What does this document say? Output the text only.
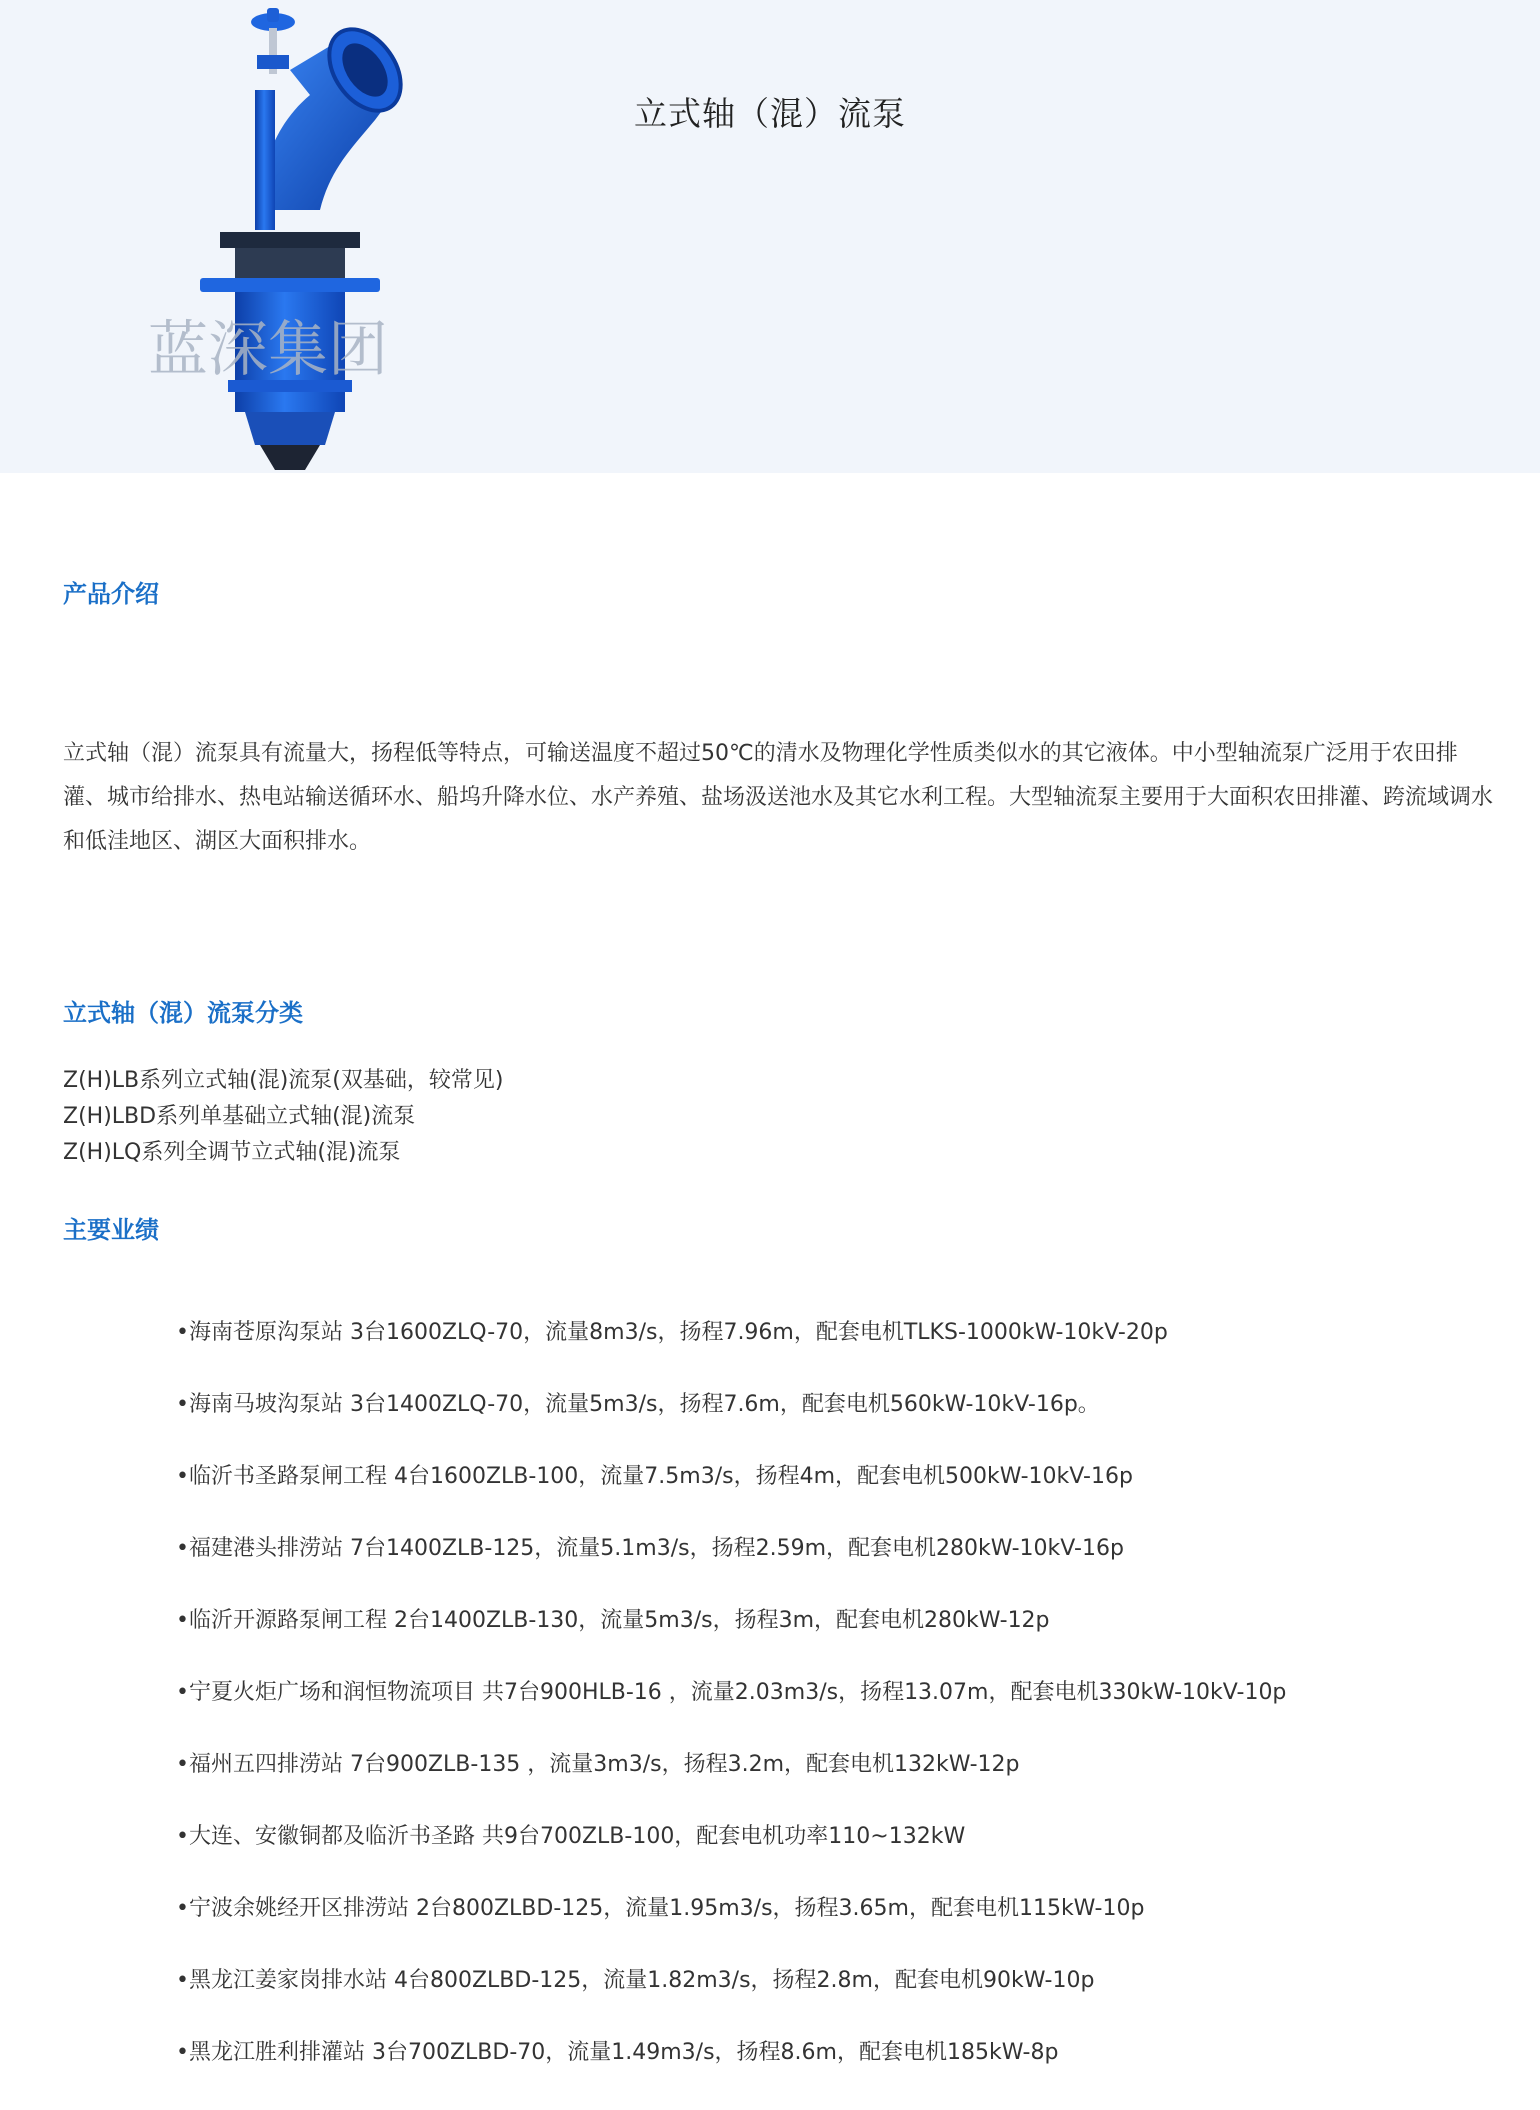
蓝深集团
立式轴（混）流泵
产品介绍
立式轴（混）流泵具有流量大，扬程低等特点，可输送温度不超过50℃的清水及物理化学性质类似水的其它液体。中小型轴流泵广泛用于农田排灌、城市给排水、热电站输送循环水、船坞升降水位、水产养殖、盐场汲送池水及其它水利工程。大型轴流泵主要用于大面积农田排灌、跨流域调水和低洼地区、湖区大面积排水。
立式轴（混）流泵分类
Z(H)LB系列立式轴(混)流泵(双基础，较常见)
Z(H)LBD系列单基础立式轴(混)流泵
Z(H)LQ系列全调节立式轴(混)流泵
主要业绩
•海南苍原沟泵站 3台1600ZLQ-70，流量8m3/s，扬程7.96m，配套电机TLKS-1000kW-10kV-20p
•海南马坡沟泵站 3台1400ZLQ-70，流量5m3/s，扬程7.6m，配套电机560kW-10kV-16p。
•临沂书圣路泵闸工程 4台1600ZLB-100，流量7.5m3/s，扬程4m，配套电机500kW-10kV-16p
•福建港头排涝站 7台1400ZLB-125，流量5.1m3/s，扬程2.59m，配套电机280kW-10kV-16p
•临沂开源路泵闸工程 2台1400ZLB-130，流量5m3/s，扬程3m，配套电机280kW-12p
•宁夏火炬广场和润恒物流项目 共7台900HLB-16 ，流量2.03m3/s，扬程13.07m，配套电机330kW-10kV-10p
•福州五四排涝站 7台900ZLB-135 ，流量3m3/s，扬程3.2m，配套电机132kW-12p
•大连、安徽铜都及临沂书圣路 共9台700ZLB-100，配套电机功率110~132kW
•宁波余姚经开区排涝站 2台800ZLBD-125，流量1.95m3/s，扬程3.65m，配套电机115kW-10p
•黑龙江姜家岗排水站 4台800ZLBD-125，流量1.82m3/s，扬程2.8m，配套电机90kW-10p
•黑龙江胜利排灌站 3台700ZLBD-70，流量1.49m3/s，扬程8.6m，配套电机185kW-8p
